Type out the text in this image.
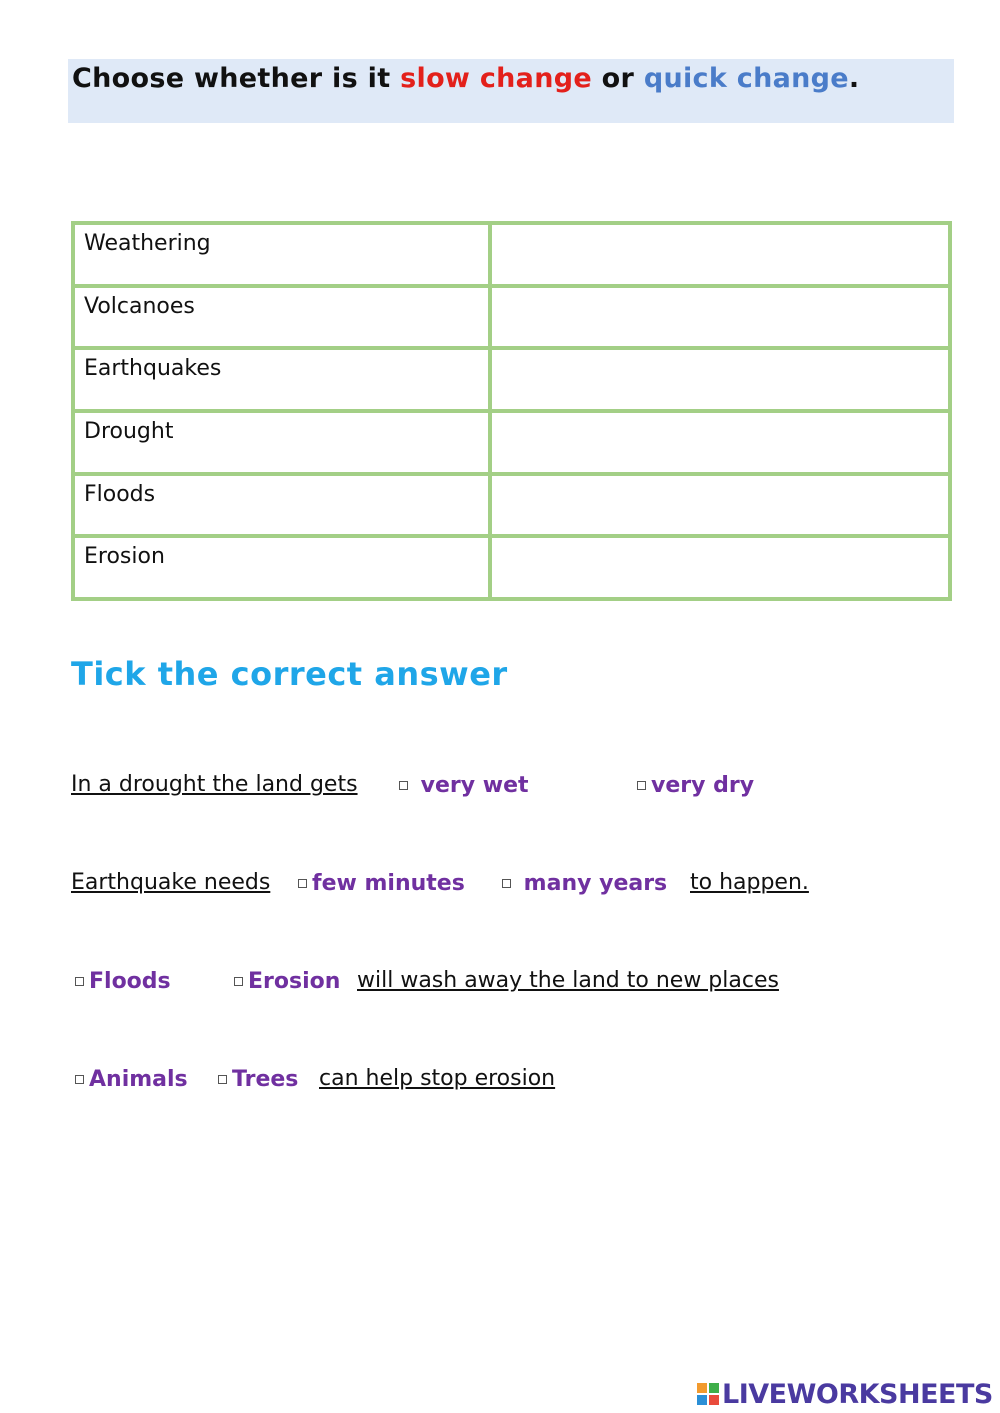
Choose whether is it slow change or quick change.
Weathering	
Volcanoes	
Earthquakes	
Drought	
Floods	
Erosion	
Tick the correct answer
In a drought the land gets	very wet	very dry
Earthquake needs	few minutes	many years to happen.
Floods	Erosion will wash away the land to new places
Animals	Trees can help stop erosion
LIVEWORKSHEETS
